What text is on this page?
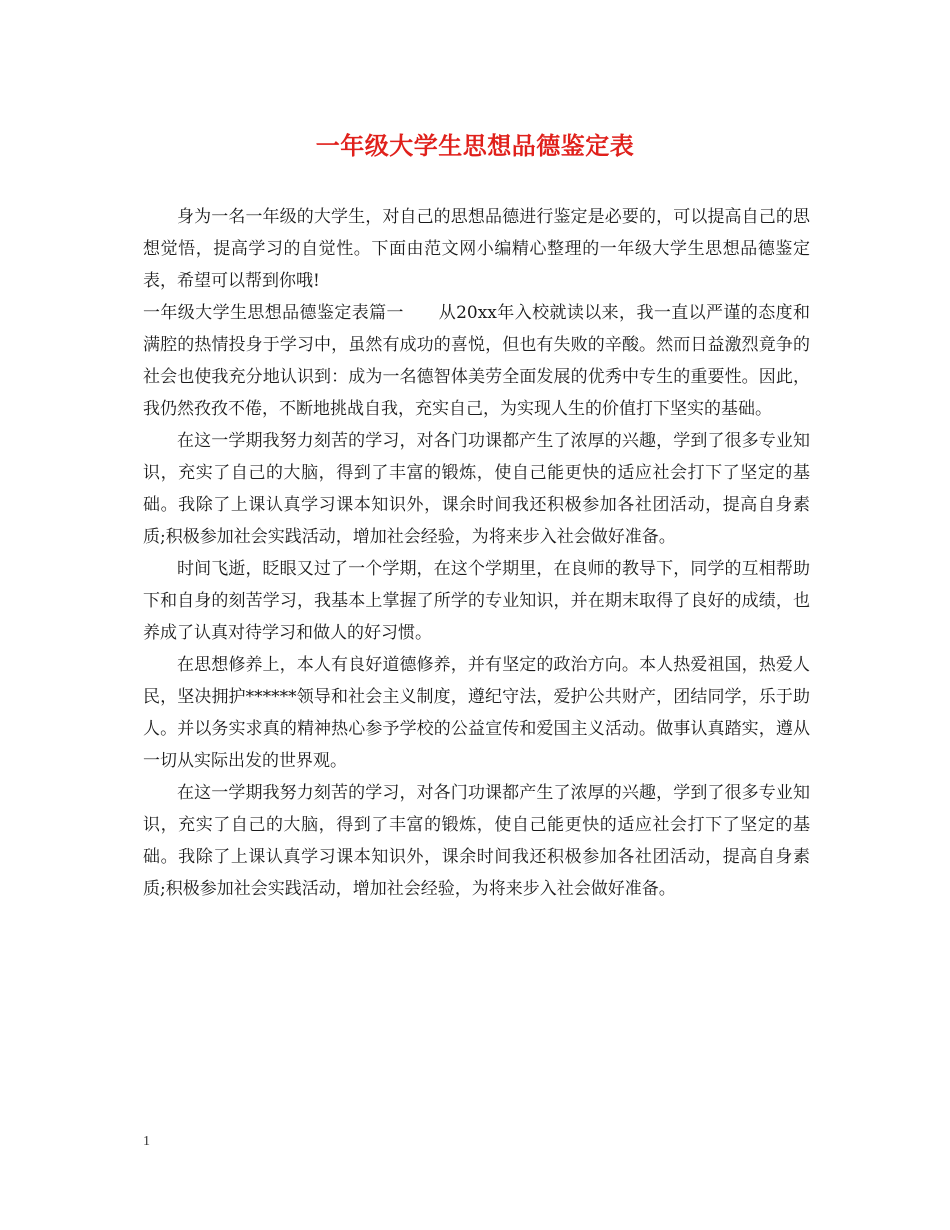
一年级大学生思想品德鉴定表

身为一名一年级的大学生，对自己的思想品德进行鉴定是必要的，可以提高自己的思想觉悟，提高学习的自觉性。下面由范文网小编精心整理的一年级大学生思想品德鉴定表，希望可以帮到你哦!

一年级大学生思想品德鉴定表篇一　　从20xx年入校就读以来，我一直以严谨的态度和满腔的热情投身于学习中，虽然有成功的喜悦，但也有失败的辛酸。然而日益激烈竟争的社会也使我充分地认识到：成为一名德智体美劳全面发展的优秀中专生的重要性。因此，我仍然孜孜不倦，不断地挑战自我，充实自己，为实现人生的价值打下坚实的基础。

在这一学期我努力刻苦的学习，对各门功课都产生了浓厚的兴趣，学到了很多专业知识，充实了自己的大脑，得到了丰富的锻炼，使自己能更快的适应社会打下了坚定的基础。我除了上课认真学习课本知识外，课余时间我还积极参加各社团活动，提高自身素质;积极参加社会实践活动，增加社会经验，为将来步入社会做好准备。

时间飞逝，眨眼又过了一个学期，在这个学期里，在良师的教导下，同学的互相帮助下和自身的刻苦学习，我基本上掌握了所学的专业知识，并在期末取得了良好的成绩，也养成了认真对待学习和做人的好习惯。

在思想修养上，本人有良好道德修养，并有坚定的政治方向。本人热爱祖国，热爱人民，坚决拥护******领导和社会主义制度，遵纪守法，爱护公共财产，团结同学，乐于助人。并以务实求真的精神热心参予学校的公益宣传和爱国主义活动。做事认真踏实，遵从一切从实际出发的世界观。

在这一学期我努力刻苦的学习，对各门功课都产生了浓厚的兴趣，学到了很多专业知识，充实了自己的大脑，得到了丰富的锻炼，使自己能更快的适应社会打下了坚定的基础。我除了上课认真学习课本知识外，课余时间我还积极参加各社团活动，提高自身素质;积极参加社会实践活动，增加社会经验，为将来步入社会做好准备。

1
